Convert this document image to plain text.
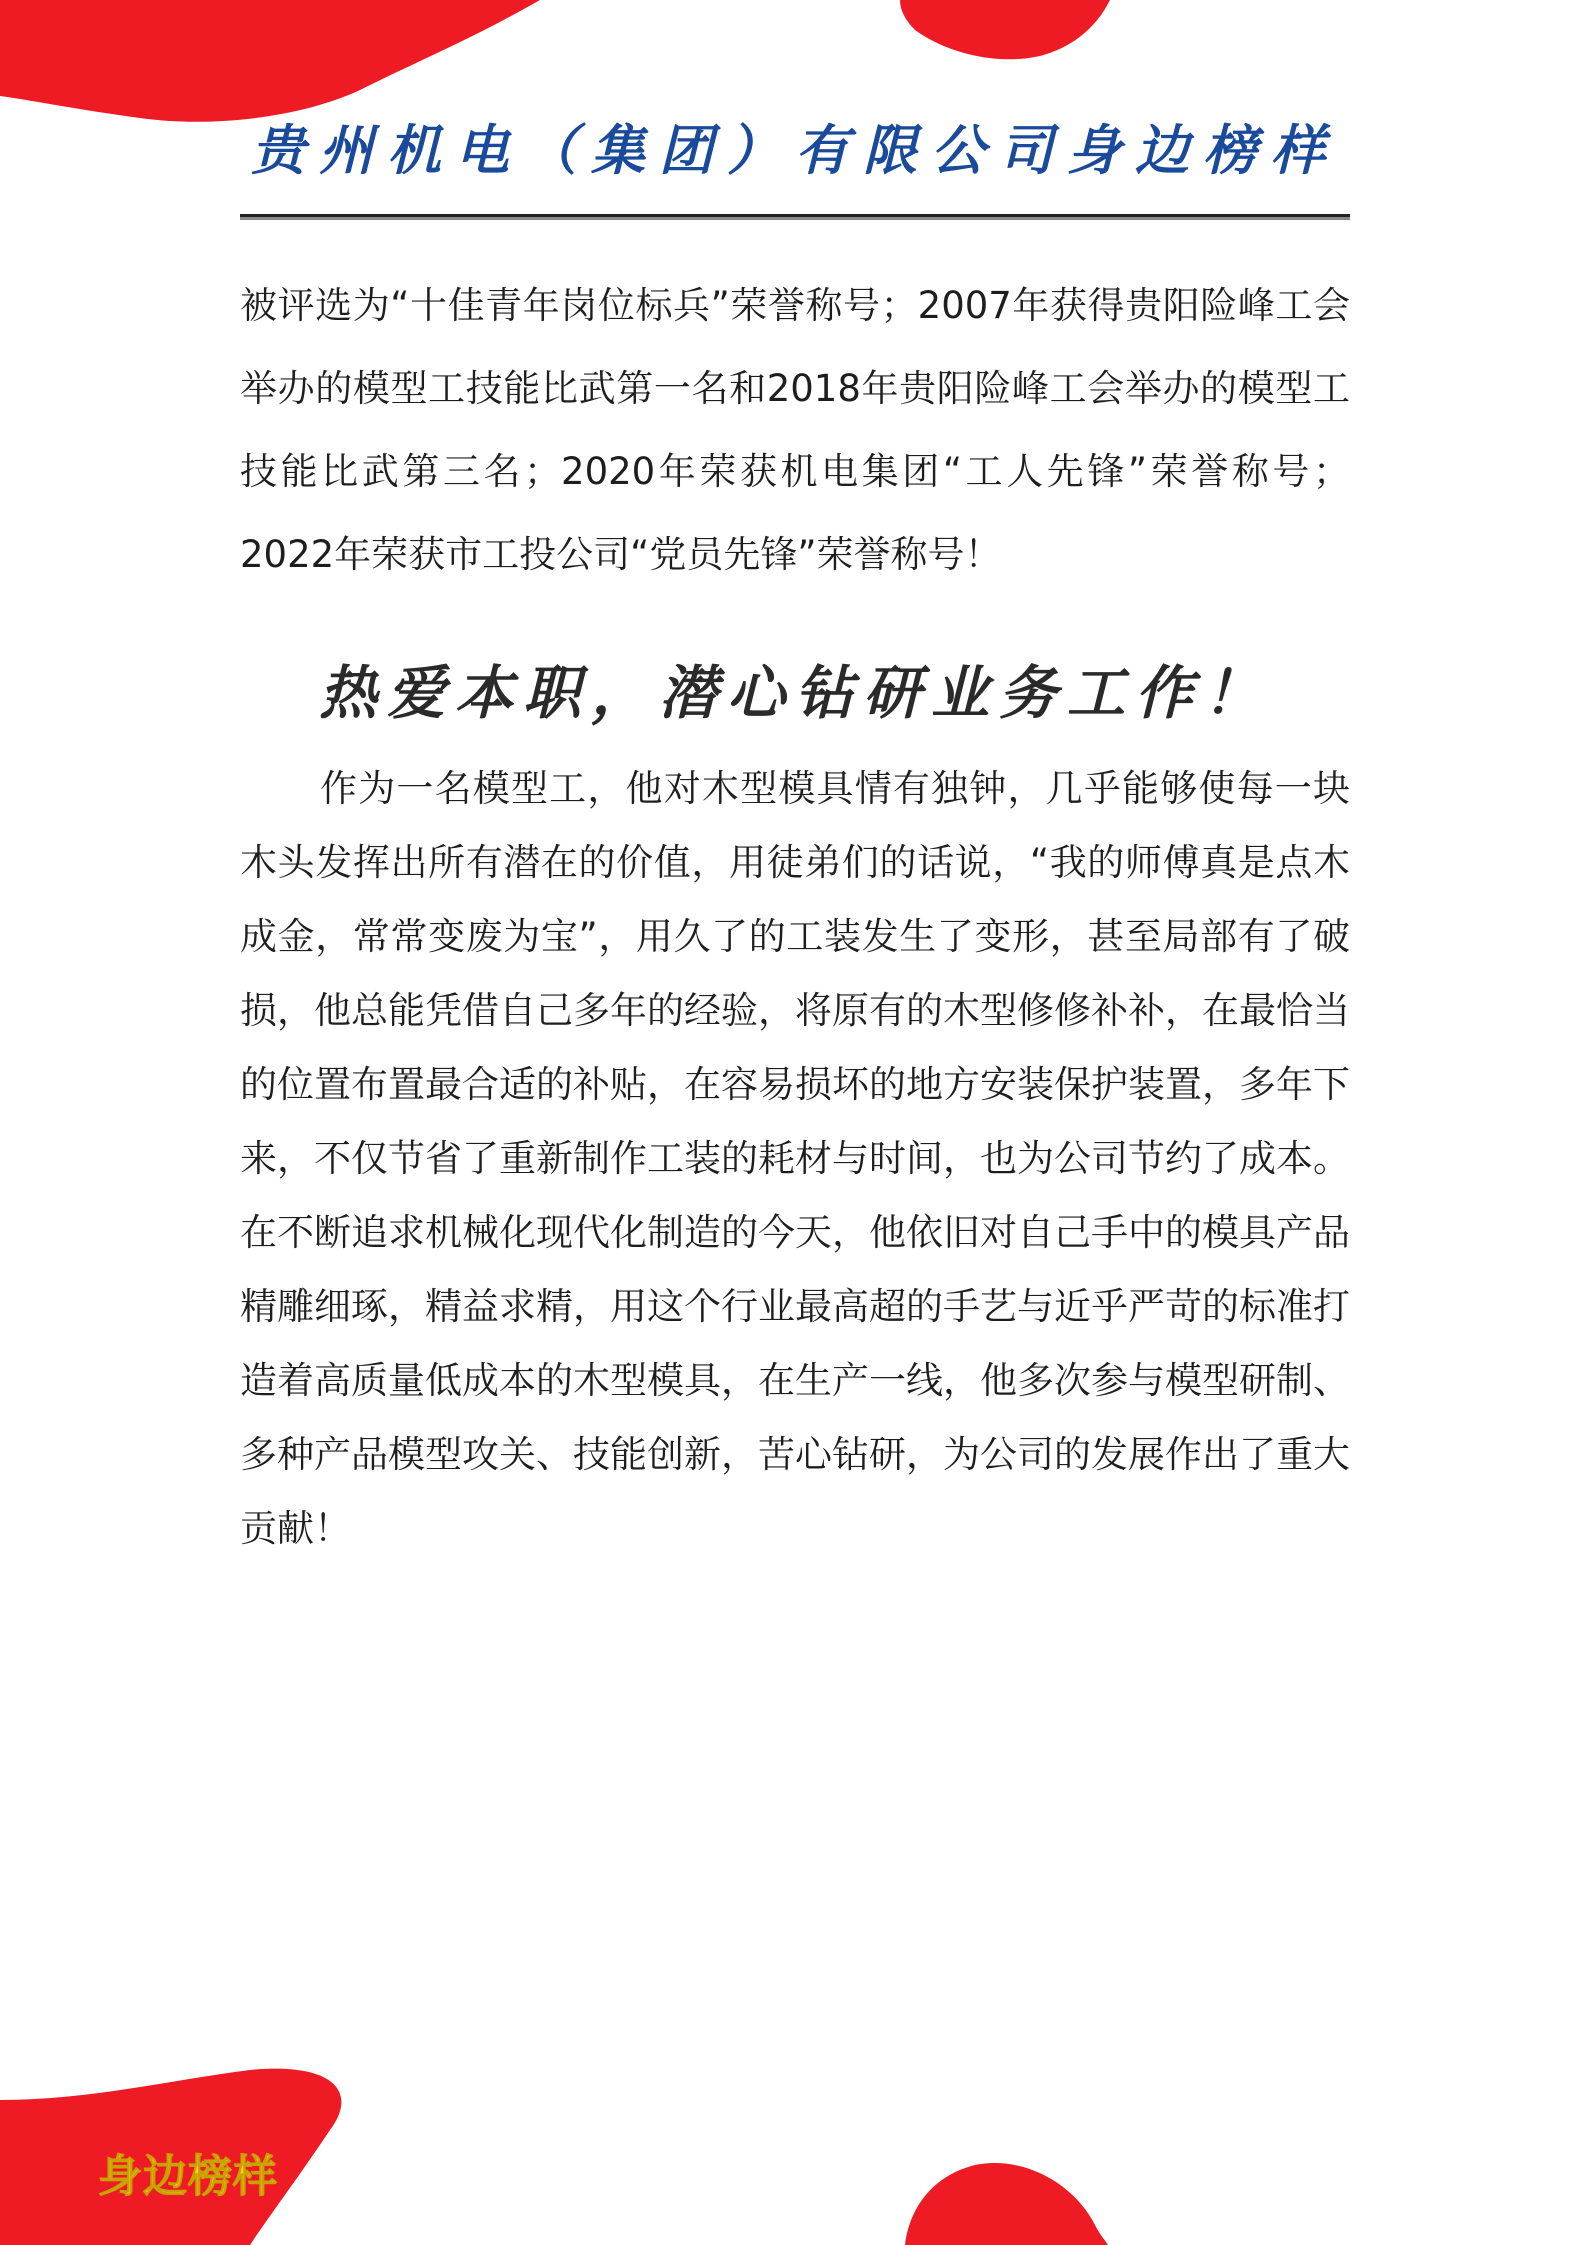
贵州机电（集团）有限公司身边榜样
被评选为“十佳青年岗位标兵”荣誉称号；2007年获得贵阳险峰工会举办的模型工技能比武第一名和2018年贵阳险峰工会举办的模型工技能比武第三名；2020年荣获机电集团“工人先锋”荣誉称号；2022年荣获市工投公司“党员先锋”荣誉称号！
热爱本职，潜心钻研业务工作！
作为一名模型工，他对木型模具情有独钟，几乎能够使每一块木头发挥出所有潜在的价值，用徒弟们的话说，“我的师傅真是点木成金，常常变废为宝”，用久了的工装发生了变形，甚至局部有了破损，他总能凭借自己多年的经验，将原有的木型修修补补，在最恰当的位置布置最合适的补贴，在容易损坏的地方安装保护装置，多年下来，不仅节省了重新制作工装的耗材与时间，也为公司节约了成本。在不断追求机械化现代化制造的今天，他依旧对自己手中的模具产品精雕细琢，精益求精，用这个行业最高超的手艺与近乎严苛的标准打造着高质量低成本的木型模具，在生产一线，他多次参与模型研制、多种产品模型攻关、技能创新，苦心钻研，为公司的发展作出了重大贡献！
身边榜样
